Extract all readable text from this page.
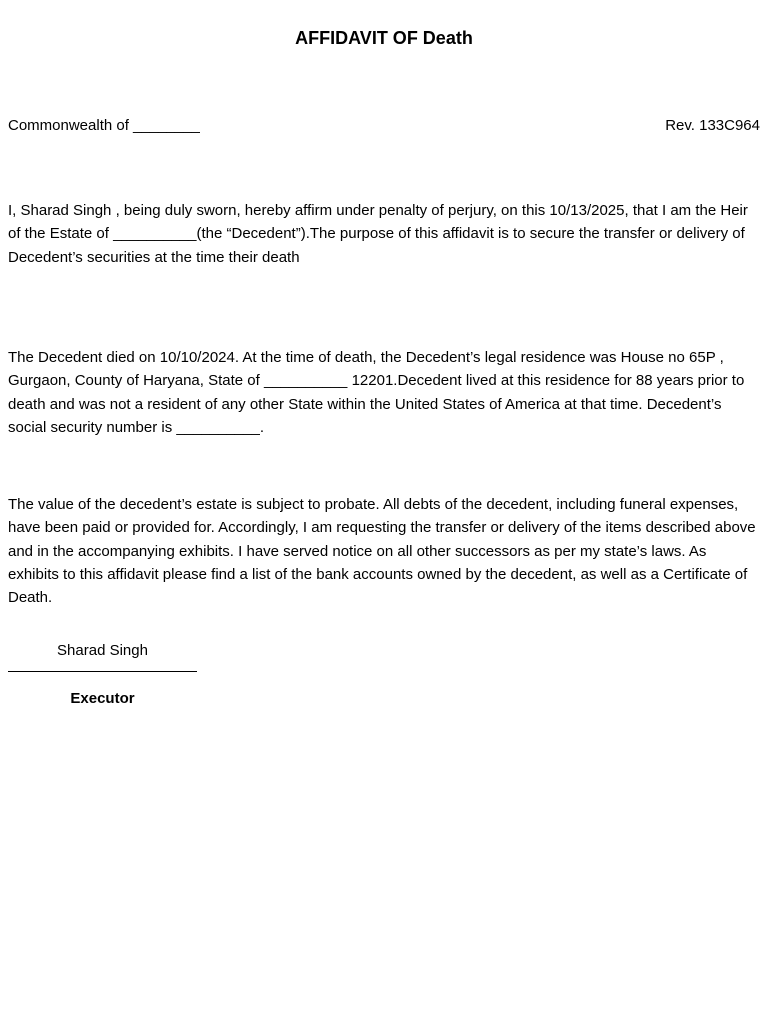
AFFIDAVIT OF Death
Commonwealth of ________	Rev. 133C964

I, Sharad Singh , being duly sworn, hereby affirm under penalty of perjury, on this 10/13/2025, that I am the Heir of the Estate of __________(the “Decedent”).The purpose of this affidavit is to secure the transfer or delivery of Decedent’s securities at the time their death

The Decedent died on 10/10/2024. At the time of death, the Decedent’s legal residence was House no 65P , Gurgaon, County of Haryana, State of __________ 12201.Decedent lived at this residence for 88 years prior to death and was not a resident of any other State within the United States of America at that time. Decedent’s social security number is __________.

The value of the decedent’s estate is subject to probate. All debts of the decedent, including funeral expenses, have been paid or provided for. Accordingly, I am requesting the transfer or delivery of the items described above and in the accompanying exhibits. I have served notice on all other successors as per my state’s laws. As exhibits to this affidavit please find a list of the bank accounts owned by the decedent, as well as a Certificate of Death.

Sharad Singh
Executor
